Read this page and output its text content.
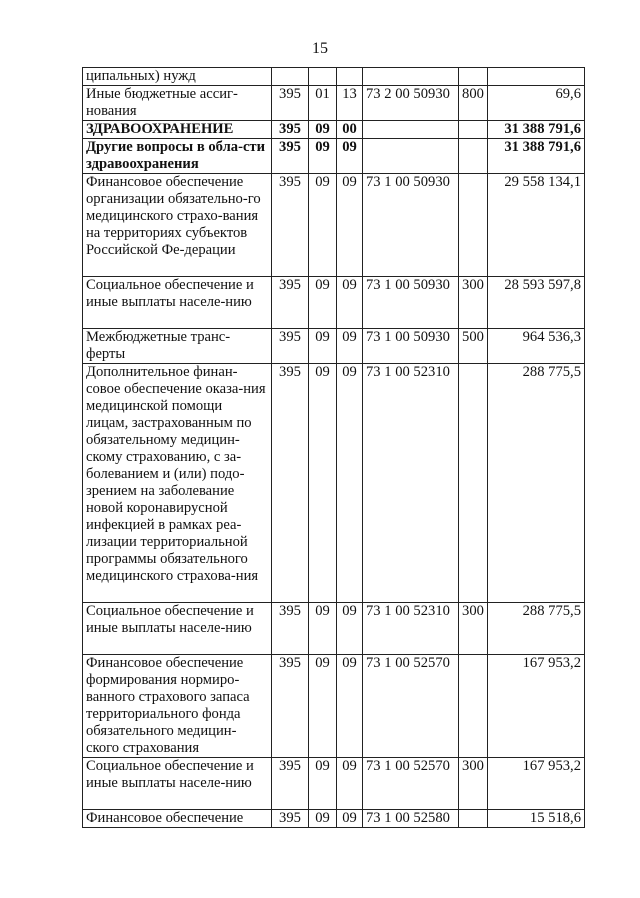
15
ципальных) нужд						
Иные бюджетные ассиг-нования	395	01	13	73 2 00 50930	800	69,6
ЗДРАВООХРАНЕНИЕ	395	09	00			31 388 791,6
Другие вопросы в обла-сти здравоохранения	395	09	09			31 388 791,6
Финансовое обеспечение организации обязательно-го медицинского страхо-вания на территориях субъектов Российской Фе-дерации	395	09	09	73 1 00 50930		29 558 134,1
Социальное обеспечение и иные выплаты населе-нию	395	09	09	73 1 00 50930	300	28 593 597,8
Межбюджетные транс-ферты	395	09	09	73 1 00 50930	500	964 536,3
Дополнительное финан-совое обеспечение оказа-ния медицинской помощи лицам, застрахованным по обязательному медицин-скому страхованию, с за-болеванием и (или) подо-зрением на заболевание новой коронавирусной инфекцией в рамках реа-лизации территориальной программы обязательного медицинского страхова-ния	395	09	09	73 1 00 52310		288 775,5
Социальное обеспечение и иные выплаты населе-нию	395	09	09	73 1 00 52310	300	288 775,5
Финансовое обеспечение формирования нормиро-ванного страхового запаса территориального фонда обязательного медицин-ского страхования	395	09	09	73 1 00 52570		167 953,2
Социальное обеспечение и иные выплаты населе-нию	395	09	09	73 1 00 52570	300	167 953,2
Финансовое обеспечение	395	09	09	73 1 00 52580		15 518,6
